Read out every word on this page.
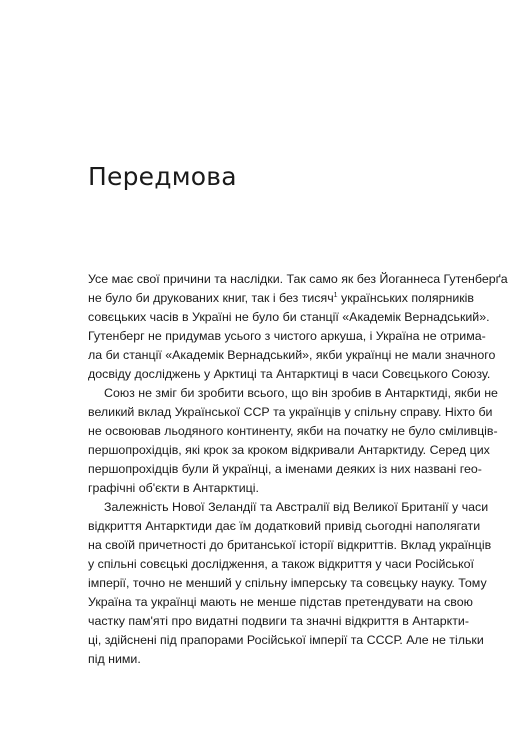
Передмова
Усе має свої причини та наслідки. Так само як без Йоганнеса Гутенберґа
не було би друкованих книг, так і без тисяч$^1$ українських полярників
совєцьких часів в Україні не було би станції «Академік Вернадський».
Гутенберг не придумав усього з чистого аркуша, і Україна не отрима-
ла би станції «Академік Вернадський», якби українці не мали значного
досвіду досліджень у Арктиці та Антарктиці в часи Совєцького Союзу.
Союз не зміг би зробити всього, що він зробив в Антарктиді, якби не
великий вклад Української ССР та українців у спільну справу. Ніхто би
не освоював льодяного континенту, якби на початку не було сміливців-
першопрохідців, які крок за кроком відкривали Антарктиду. Серед цих
першопрохідців були й українці, а іменами деяких із них названі гео-
графічні об'єкти в Антарктиці.
Залежність Нової Зеландії та Австралії від Великої Британії у часи
відкриття Антарктиди дає їм додатковий привід сьогодні наполягати
на своїй причетності до британської історії відкриттів. Вклад українців
у спільні совєцькі дослідження, а також відкриття у часи Російської
імперії, точно не менший у спільну імперську та совєцьку науку. Тому
Україна та українці мають не менше підстав претендувати на свою
частку пам'яті про видатні подвиги та значні відкриття в Антаркти-
ці, здійснені під прапорами Російської імперії та СССР. Але не тільки
під ними.
